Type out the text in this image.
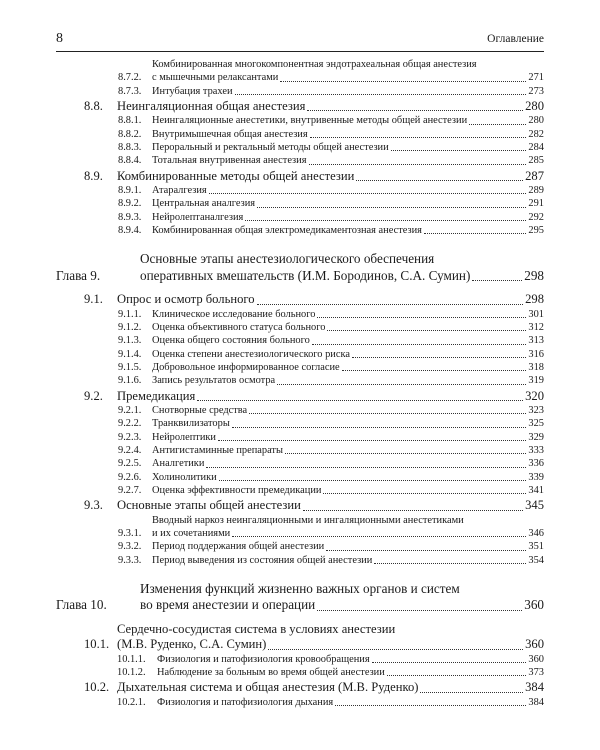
8	Оглавление
8.7.2.
Комбинированная многокомпонентная эндотрахеальная общая анестезия
с мышечными релаксантами	271
8.7.3.	Интубация трахеи	273
8.8.	Неингаляционная общая анестезия	280
8.8.1.	Неингаляционные анестетики, внутривенные методы общей анестезии	280
8.8.2.	Внутримышечная общая анестезия	282
8.8.3.	Пероральный и ректальный методы общей анестезии	284
8.8.4.	Тотальная внутривенная анестезия	285
8.9.	Комбинированные методы общей анестезии	287
8.9.1.	Атаралгезия	289
8.9.2.	Центральная аналгезия	291
8.9.3.	Нейролептаналгезия	292
8.9.4.	Комбинированная общая электромедикаментозная анестезия	295
Глава 9.
Основные этапы анестезиологического обеспечения
оперативных вмешательств (И.М. Бородинов, С.А. Сумин)	298
9.1.	Опрос и осмотр больного	298
9.1.1.	Клиническое исследование больного	301
9.1.2.	Оценка объективного статуса больного	312
9.1.3.	Оценка общего состояния больного	313
9.1.4.	Оценка степени анестезиологического риска	316
9.1.5.	Добровольное информированное согласие	318
9.1.6.	Запись результатов осмотра	319
9.2.	Премедикация	320
9.2.1.	Снотворные средства	323
9.2.2.	Транквилизаторы	325
9.2.3.	Нейролептики	329
9.2.4.	Антигистаминные препараты	333
9.2.5.	Аналгетики	336
9.2.6.	Холинолитики	339
9.2.7.	Оценка эффективности премедикации	341
9.3.	Основные этапы общей анестезии	345
9.3.1.
Вводный наркоз неингаляционными и ингаляционными анестетиками
и их сочетаниями	346
9.3.2.	Период поддержания общей анестезии	351
9.3.3.	Период выведения из состояния общей анестезии	354
Глава 10.
Изменения функций жизненно важных органов и систем
во время анестезии и операции	360
10.1.
Сердечно-сосудистая система в условиях анестезии
(М.В. Руденко, С.А. Сумин)	360
10.1.1.	Физиология и патофизиология кровообращения	360
10.1.2.	Наблюдение за больным во время общей анестезии	373
10.2. Дыхательная система и общая анестезия (М.В. Руденко)	384
10.2.1.	Физиология и патофизиология дыхания	384
